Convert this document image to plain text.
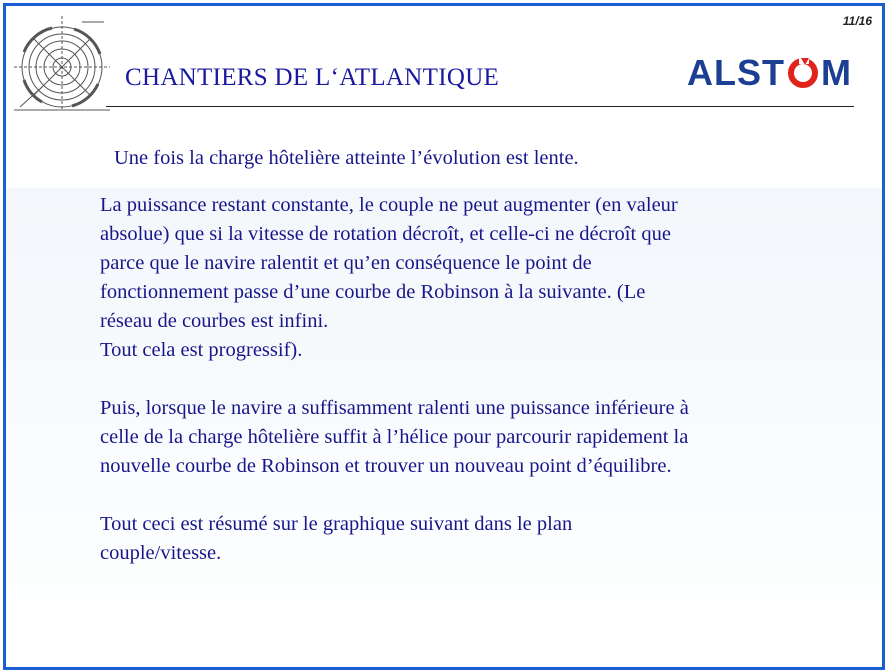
11/16
CHANTIERS DE L‘ATLANTIQUE	ALST M
Une fois la charge hôtelière atteinte l’évolution est lente.
La puissance restant constante, le couple ne peut augmenter (en valeur
absolue) que si la vitesse de rotation décroît, et celle-ci ne décroît que
parce que le navire ralentit et qu’en conséquence le point de
fonctionnement passe d’une courbe de Robinson à la suivante. (Le
réseau de courbes est infini.
Tout cela est progressif).
Puis, lorsque le navire a suffisamment ralenti une puissance inférieure à
celle de la charge hôtelière suffit à l’hélice pour parcourir rapidement la
nouvelle courbe de Robinson et trouver un nouveau point d’équilibre.
Tout ceci est résumé sur le graphique suivant dans le plan
couple/vitesse.
